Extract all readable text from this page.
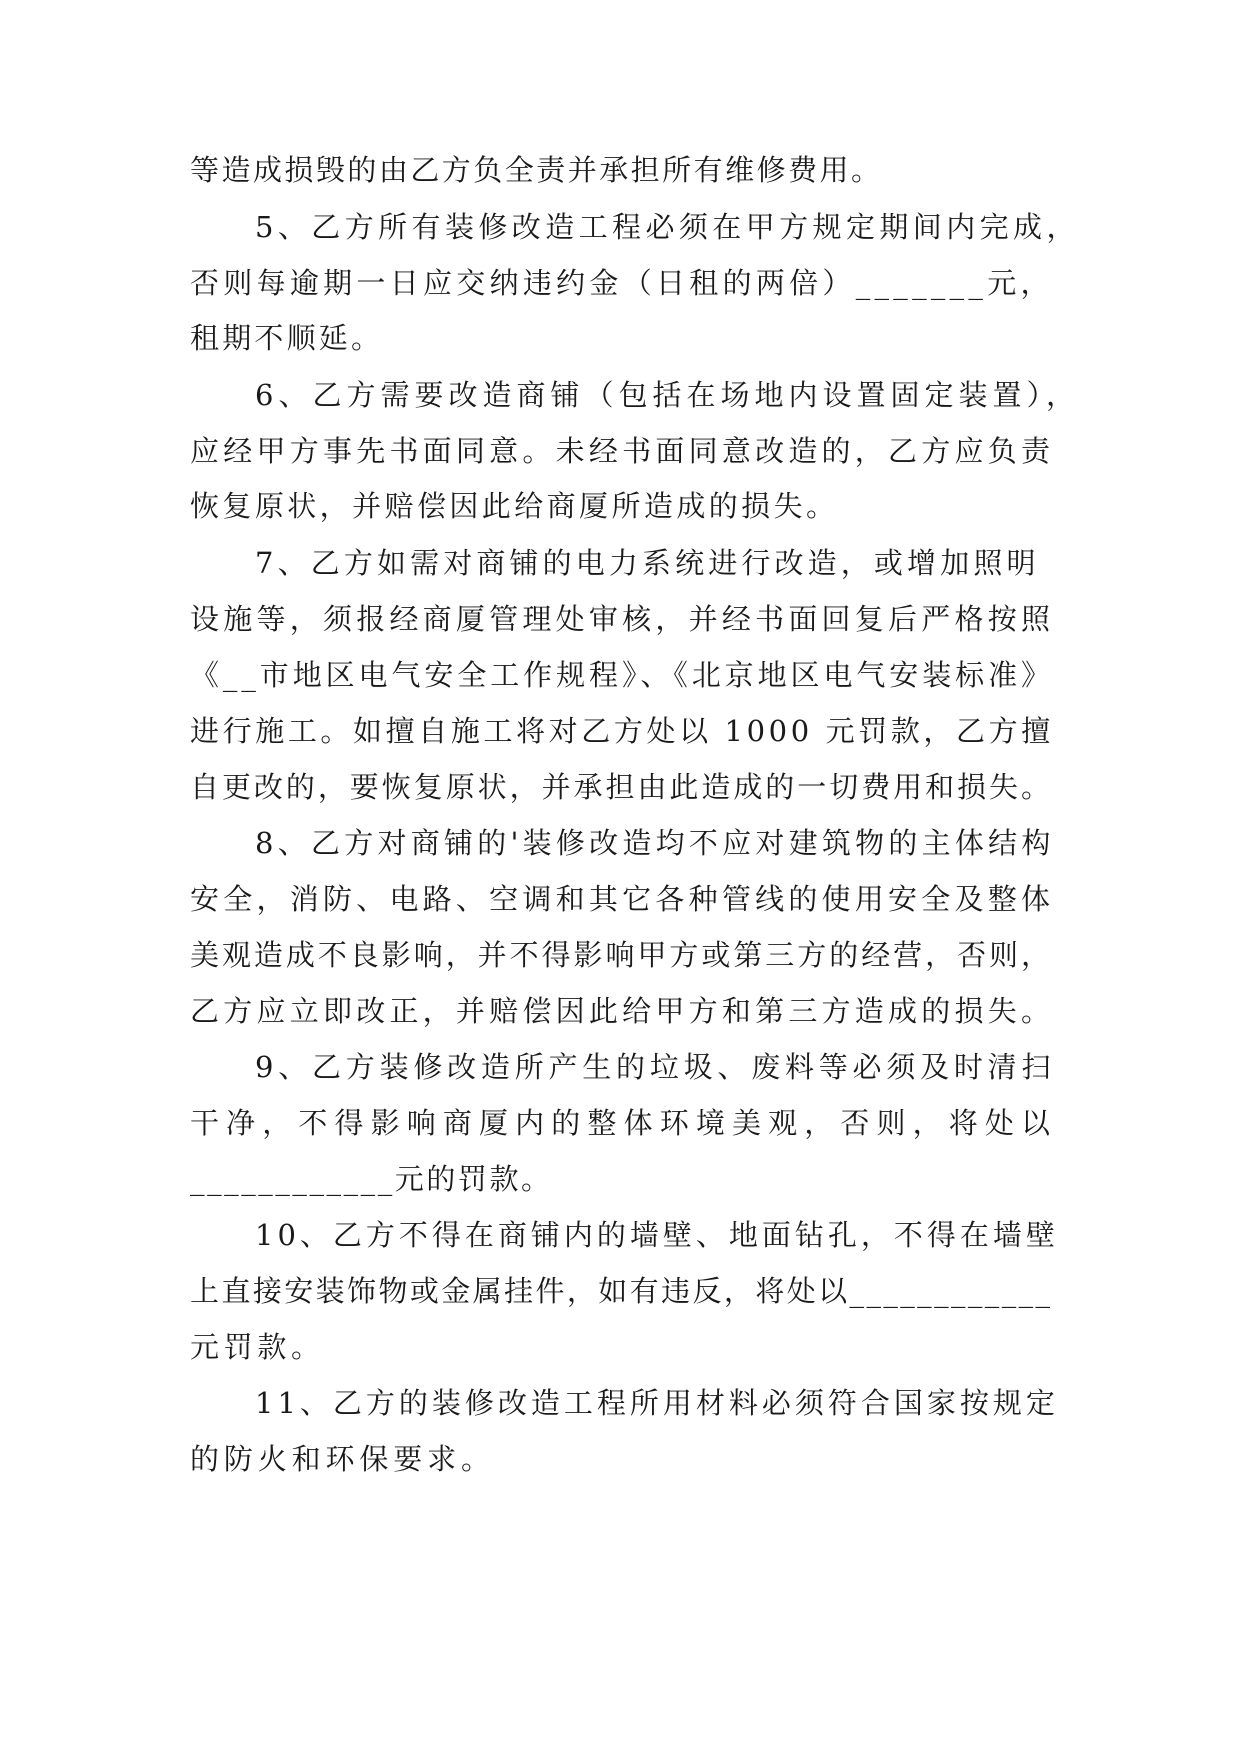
等造成损毁的由乙方负全责并承担所有维修费用。
5、乙方所有装修改造工程必须在甲方规定期间内完成，
否则每逾期一日应交纳违约金（日租的两倍）_______元，
租期不顺延。
6、乙方需要改造商铺（包括在场地内设置固定装置），
应经甲方事先书面同意。未经书面同意改造的，乙方应负责
恢复原状，并赔偿因此给商厦所造成的损失。
7、乙方如需对商铺的电力系统进行改造，或增加照明
设施等，须报经商厦管理处审核，并经书面回复后严格按照
《__市地区电气安全工作规程》、《北京地区电气安装标准》
进行施工。如擅自施工将对乙方处以 1000 元罚款，乙方擅
自更改的，要恢复原状，并承担由此造成的一切费用和损失。
8、乙方对商铺的'装修改造均不应对建筑物的主体结构
安全，消防、电路、空调和其它各种管线的使用安全及整体
美观造成不良影响，并不得影响甲方或第三方的经营，否则，
乙方应立即改正，并赔偿因此给甲方和第三方造成的损失。
9、乙方装修改造所产生的垃圾、废料等必须及时清扫
干净，不得影响商厦内的整体环境美观，否则，将处以
____________元的罚款。
10、乙方不得在商铺内的墙壁、地面钻孔，不得在墙壁
上直接安装饰物或金属挂件，如有违反，将处以____________
元罚款。
11、乙方的装修改造工程所用材料必须符合国家按规定
的防火和环保要求。
